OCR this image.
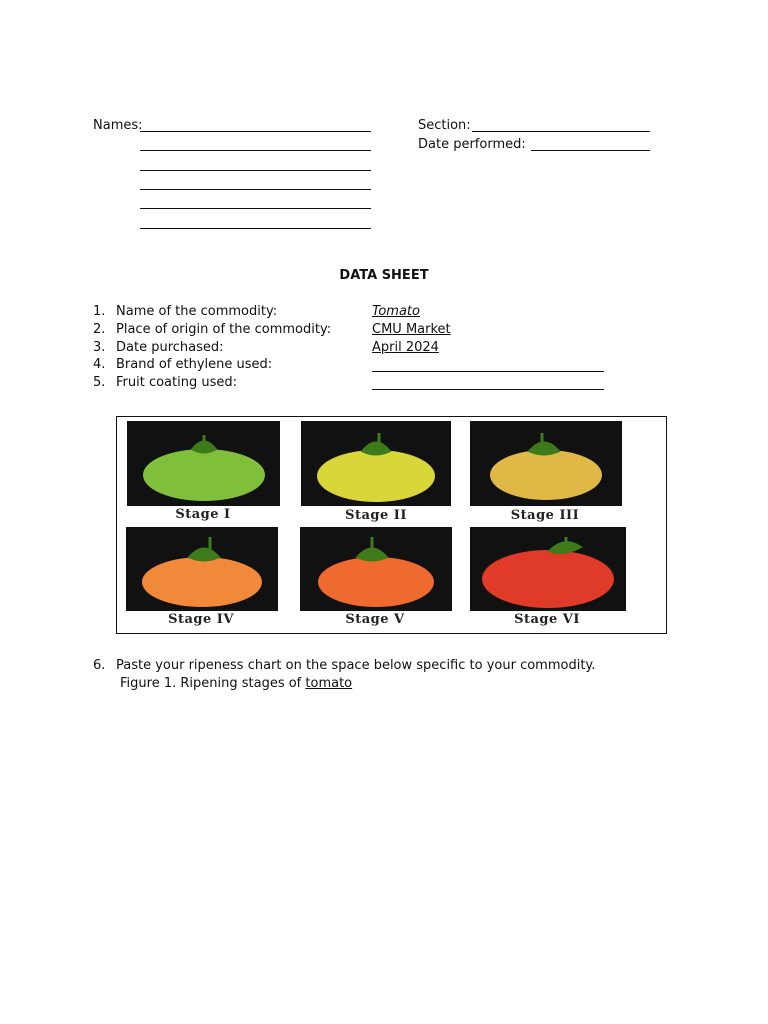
Names:	Section:
Date performed:
DATA SHEET
1. Name of the commodity:	Tomato
2. Place of origin of the commodity:	CMU Market
3. Date purchased:	April 2024
4. Brand of ethylene used:
5. Fruit coating used:
Stage I	Stage II	Stage III
Stage IV	Stage V	Stage VI
6. Paste your ripeness chart on the space below specific to your commodity.
Figure 1. Ripening stages of tomato
